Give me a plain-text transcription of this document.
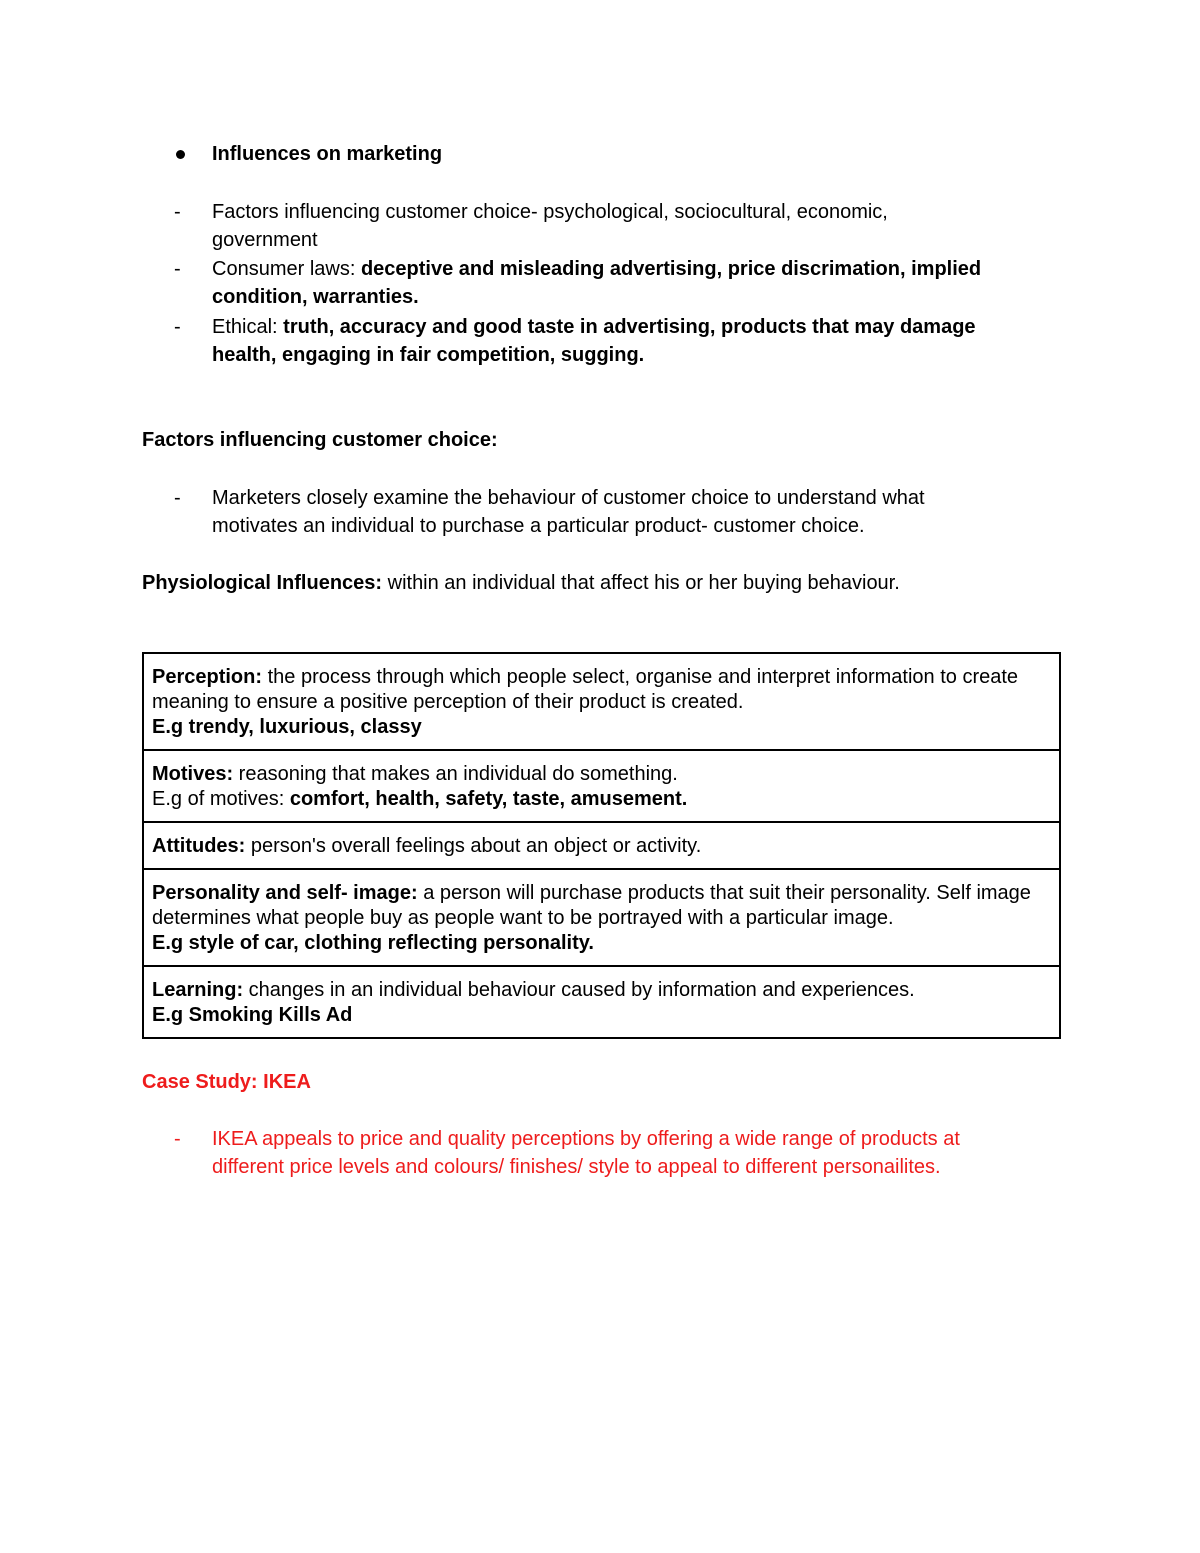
Influences on marketing
- Factors influencing customer choice- psychological, sociocultural, economic,
government
- Consumer laws: deceptive and misleading advertising, price discrimation, implied
condition, warranties.
- Ethical: truth, accuracy and good taste in advertising, products that may damage
health, engaging in fair competition, sugging.
Factors influencing customer choice:
- Marketers closely examine the behaviour of customer choice to understand what
motivates an individual to purchase a particular product- customer choice.
Physiological Influences: within an individual that affect his or her buying behaviour.
Perception: the process through which people select, organise and interpret information to create meaning to ensure a positive perception of their product is created.
E.g trendy, luxurious, classy
Motives: reasoning that makes an individual do something.
E.g of motives: comfort, health, safety, taste, amusement.
Attitudes: person's overall feelings about an object or activity.
Personality and self- image: a person will purchase products that suit their personality. Self image determines what people buy as people want to be portrayed with a particular image.
E.g style of car, clothing reflecting personality.
Learning: changes in an individual behaviour caused by information and experiences.
E.g Smoking Kills Ad
Case Study: IKEA
- IKEA appeals to price and quality perceptions by offering a wide range of products at
different price levels and colours/ finishes/ style to appeal to different personailites.
